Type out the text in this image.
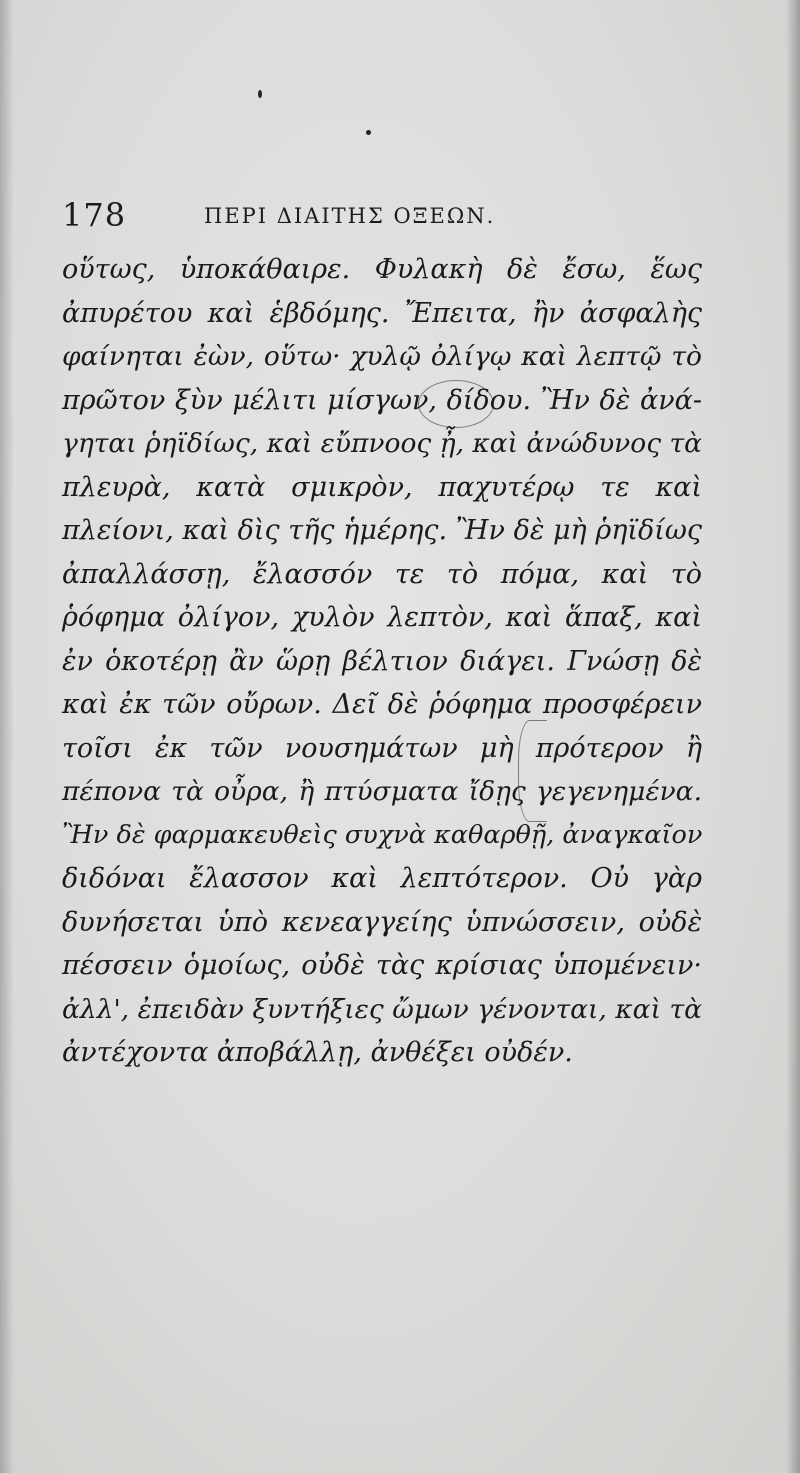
178	ΠΕΡΙ ΔΙΑΙΤΗΣ ΟΞΕΩΝ.
οὕτως, ὑποκάθαιρε. Φυλακὴ δὲ ἔσω, ἕως
ἀπυρέτου καὶ ἑβδόμης. Ἔπειτα, ἢν ἀσφαλὴς
φαίνηται ἐὼν, οὕτω· χυλῷ ὀλίγῳ καὶ λεπτῷ τὸ
πρῶτον ξὺν μέλιτι μίσγων, δίδου. Ἢν δὲ ἀνά-
γηται ῥηϊδίως, καὶ εὔπνοος ᾖ, καὶ ἀνώδυνος τὰ
πλευρὰ, κατὰ σμικρὸν, παχυτέρῳ τε καὶ
πλείονι, καὶ δὶς τῆς ἡμέρης. Ἢν δὲ μὴ ῥηϊδίως
ἀπαλλάσσῃ, ἔλασσόν τε τὸ πόμα, καὶ τὸ
ῥόφημα ὀλίγον, χυλὸν λεπτὸν, καὶ ἅπαξ, καὶ
ἐν ὁκοτέρῃ ἂν ὥρῃ βέλτιον διάγει. Γνώσῃ δὲ
καὶ ἐκ τῶν οὔρων. Δεῖ δὲ ῥόφημα προσφέρειν
τοῖσι ἐκ τῶν νουσημάτων μὴ πρότερον ἢ
πέπονα τὰ οὖρα, ἢ πτύσματα ἴδῃς γεγενημένα.
Ἢν δὲ φαρμακευθεὶς συχνὰ καθαρθῇ, ἀναγκαῖον
διδόναι ἔλασσον καὶ λεπτότερον. Οὐ γὰρ
δυνήσεται ὑπὸ κενεαγγείης ὑπνώσσειν, οὐδὲ
πέσσειν ὁμοίως, οὐδὲ τὰς κρίσιας ὑπομένειν·
ἀλλ', ἐπειδὰν ξυντήξιες ὤμων γένονται, καὶ τὰ
ἀντέχοντα ἀποβάλλῃ, ἀνθέξει οὐδέν.
